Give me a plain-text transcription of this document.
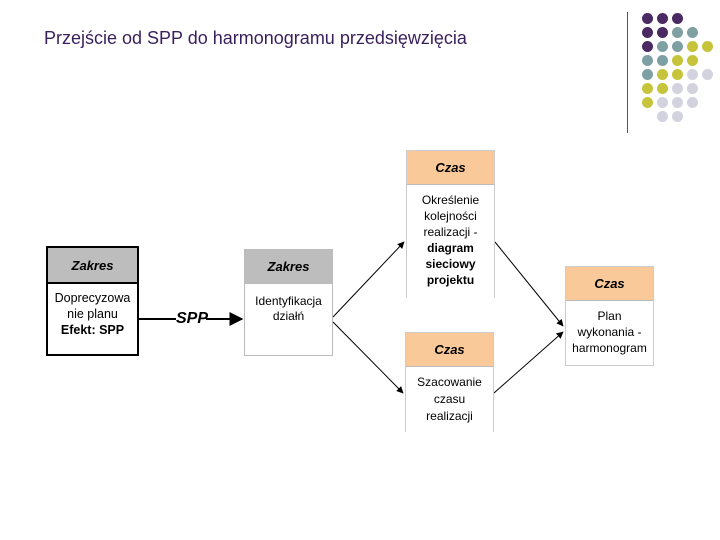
Przejście od SPP do harmonogramu przedsięwzięcia
SPP
Zakres
Doprecyzowa
nie planu
Efekt: SPP
Zakres
Identyfikacja
działń
Czas
Określenie
kolejności
realizacji -
diagram
sieciowy
projektu
Czas
Szacowanie
czasu
realizacji
Czas
Plan
wykonania -
harmonogram
